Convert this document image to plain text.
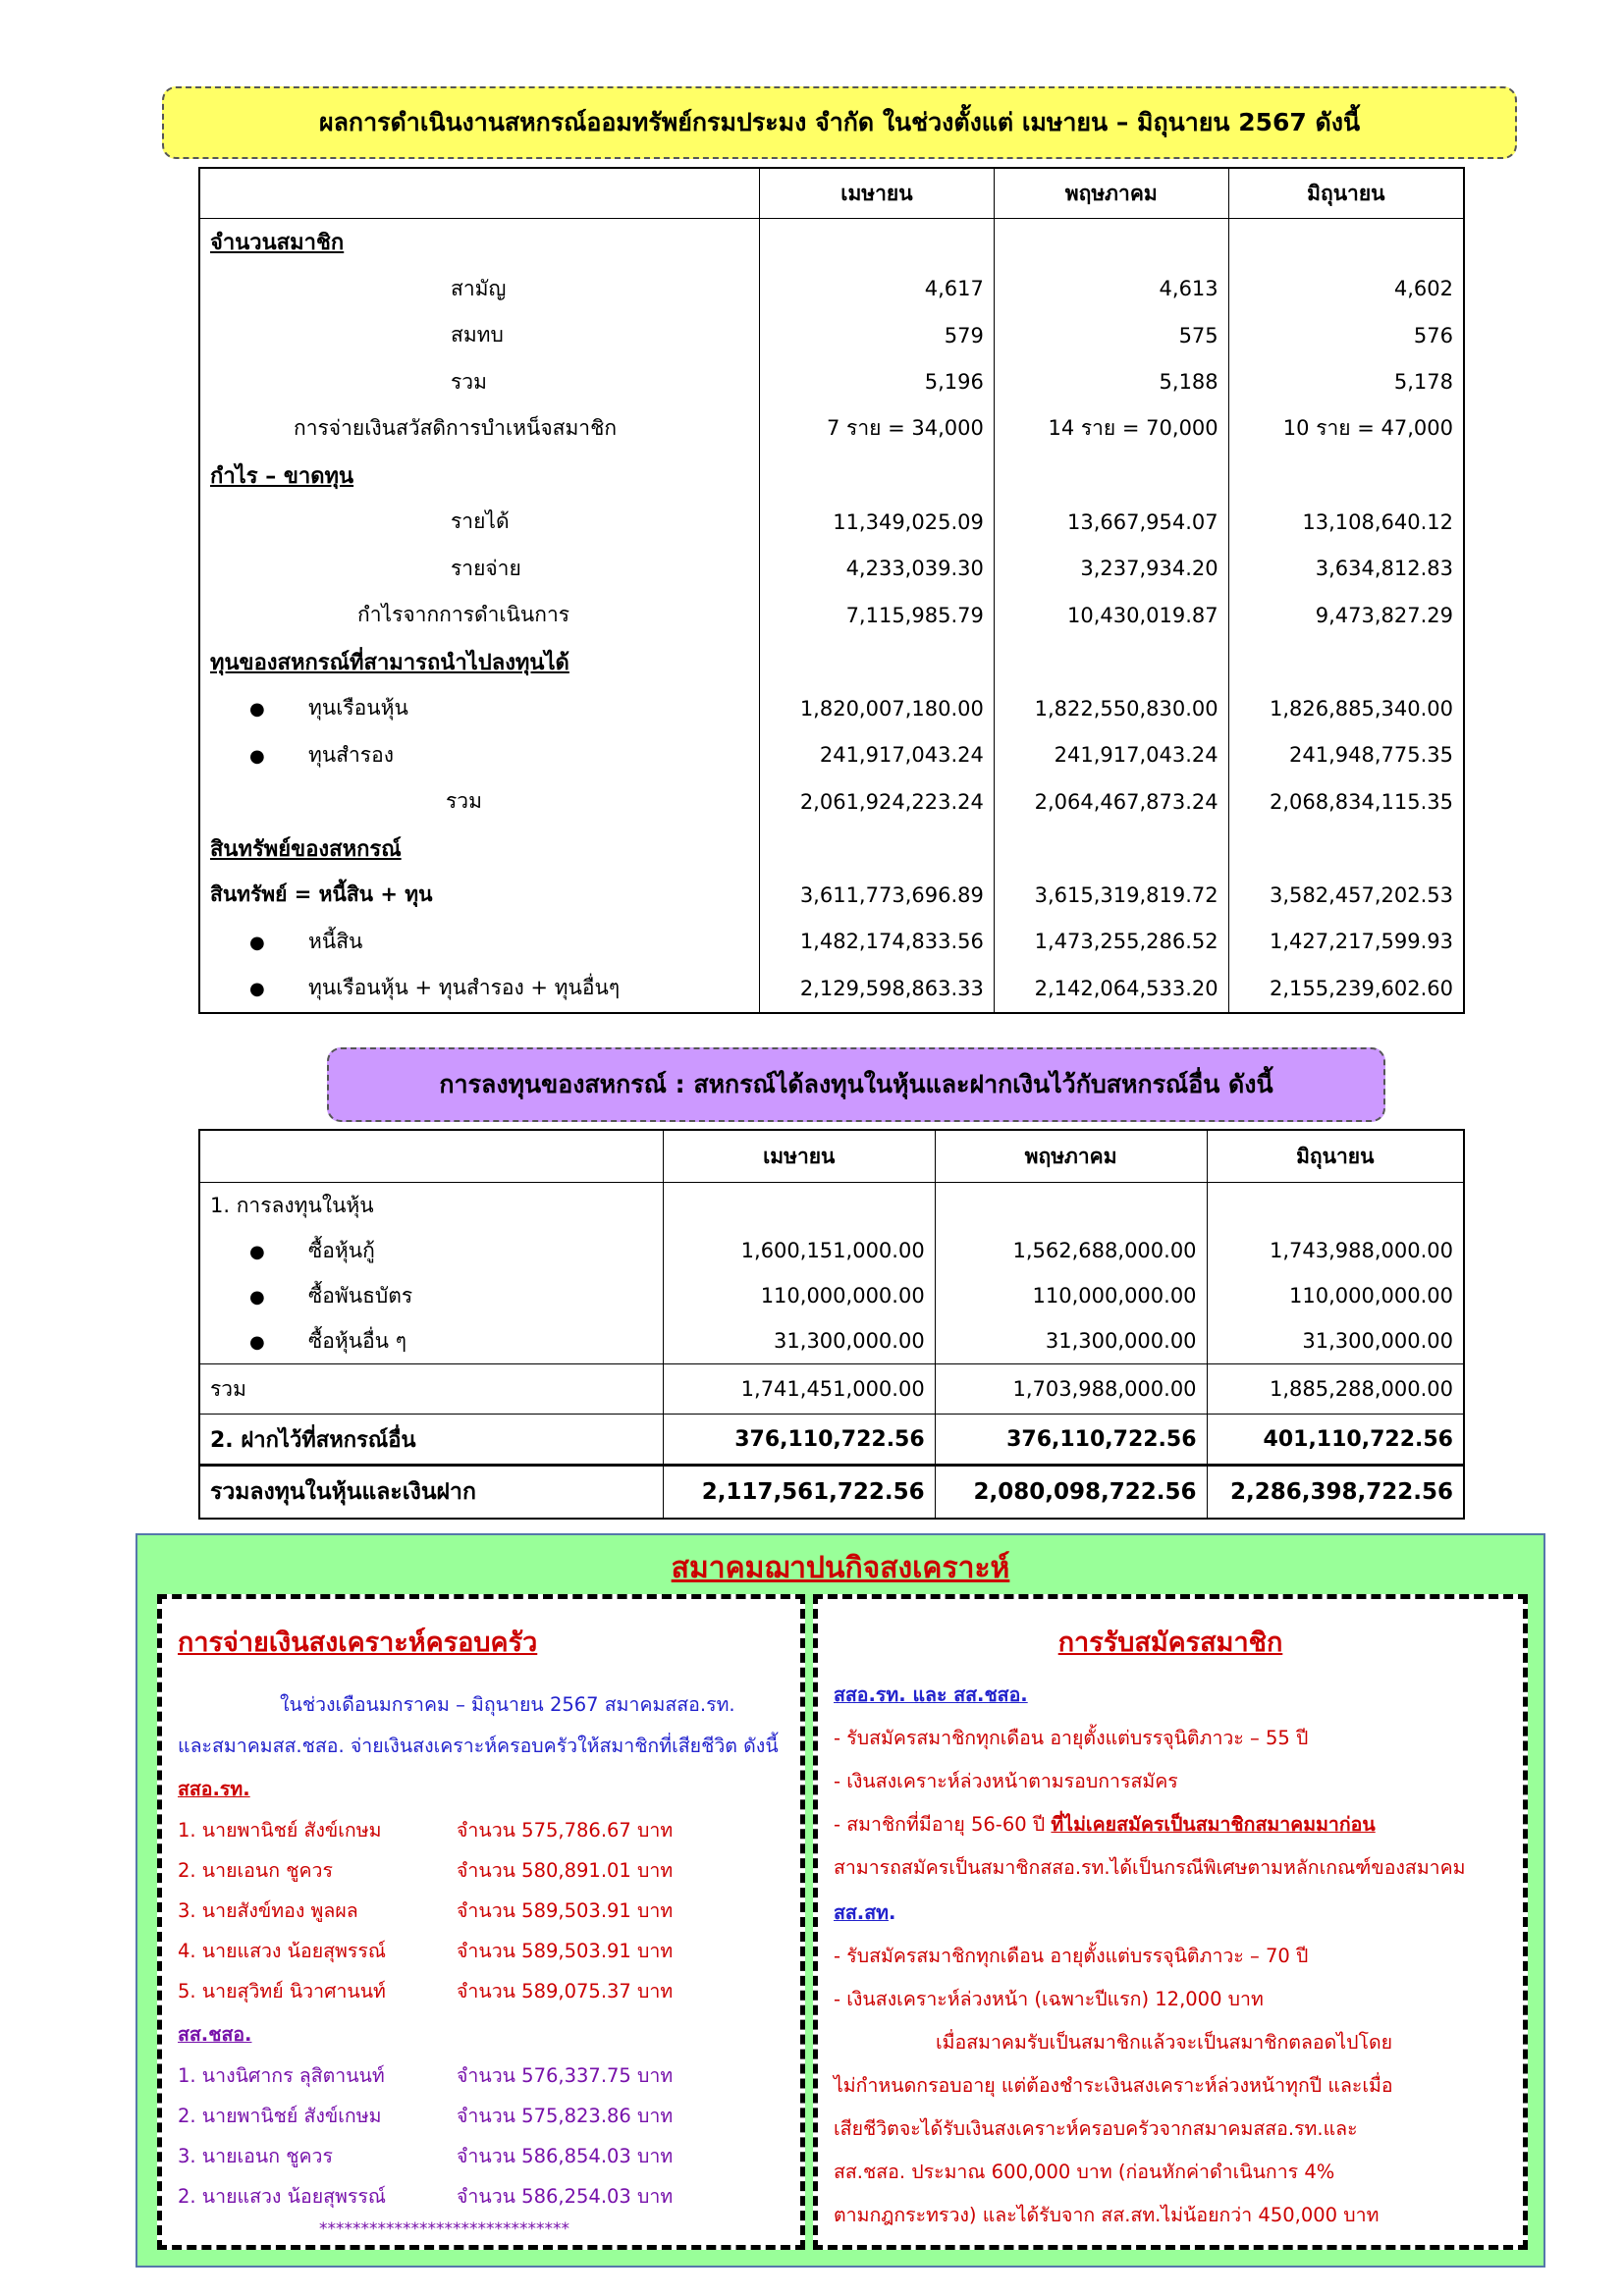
ผลการดำเนินงานสหกรณ์ออมทรัพย์กรมประมง จำกัด ในช่วงตั้งแต่ เมษายน – มิถุนายน 2567 ดังนี้
	เมษายน	พฤษภาคม	มิถุนายน
จำนวนสมาชิก			
สามัญ	4,617	4,613	4,602
สมทบ	579	575	576
รวม	5,196	5,188	5,178
การจ่ายเงินสวัสดิการบำเหน็จสมาชิก	7 ราย = 34,000	14 ราย = 70,000	10 ราย = 47,000
กำไร – ขาดทุน			
รายได้	11,349,025.09	13,667,954.07	13,108,640.12
รายจ่าย	4,233,039.30	3,237,934.20	3,634,812.83
กำไรจากการดำเนินการ	7,115,985.79	10,430,019.87	9,473,827.29
ทุนของสหกรณ์ที่สามารถนำไปลงทุนได้			
● ทุนเรือนหุ้น	1,820,007,180.00	1,822,550,830.00	1,826,885,340.00
● ทุนสำรอง	241,917,043.24	241,917,043.24	241,948,775.35
รวม	2,061,924,223.24	2,064,467,873.24	2,068,834,115.35
สินทรัพย์ของสหกรณ์			
สินทรัพย์ = หนี้สิน + ทุน	3,611,773,696.89	3,615,319,819.72	3,582,457,202.53
● หนี้สิน	1,482,174,833.56	1,473,255,286.52	1,427,217,599.93
● ทุนเรือนหุ้น + ทุนสำรอง + ทุนอื่นๆ	2,129,598,863.33	2,142,064,533.20	2,155,239,602.60
การลงทุนของสหกรณ์ : สหกรณ์ได้ลงทุนในหุ้นและฝากเงินไว้กับสหกรณ์อื่น ดังนี้
	เมษายน	พฤษภาคม	มิถุนายน
1. การลงทุนในหุ้น			
● ซื้อหุ้นกู้	1,600,151,000.00	1,562,688,000.00	1,743,988,000.00
● ซื้อพันธบัตร	110,000,000.00	110,000,000.00	110,000,000.00
● ซื้อหุ้นอื่น ๆ	31,300,000.00	31,300,000.00	31,300,000.00
รวม	1,741,451,000.00	1,703,988,000.00	1,885,288,000.00
2. ฝากไว้ที่สหกรณ์อื่น	376,110,722.56	376,110,722.56	401,110,722.56
รวมลงทุนในหุ้นและเงินฝาก	2,117,561,722.56	2,080,098,722.56	2,286,398,722.56
สมาคมฌาปนกิจสงเคราะห์
การจ่ายเงินสงเคราะห์ครอบครัว
ในช่วงเดือนมกราคม – มิถุนายน 2567 สมาคมสสอ.รท.
และสมาคมสส.ชสอ. จ่ายเงินสงเคราะห์ครอบครัวให้สมาชิกที่เสียชีวิต ดังนี้
สสอ.รท.
1. นายพานิชย์ สังข์เกษม	จำนวน 575,786.67 บาท
2. นายเอนก ชูควร	จำนวน 580,891.01 บาท
3. นายสังข์ทอง พูลผล	จำนวน 589,503.91 บาท
4. นายแสวง น้อยสุพรรณ์	จำนวน 589,503.91 บาท
5. นายสุวิทย์ นิวาศานนท์	จำนวน 589,075.37 บาท
สส.ชสอ.
1. นางนิศากร ลุสิตานนท์	จำนวน 576,337.75 บาท
2. นายพานิชย์ สังข์เกษม	จำนวน 575,823.86 บาท
3. นายเอนก ชูควร	จำนวน 586,854.03 บาท
2. นายแสวง น้อยสุพรรณ์	จำนวน 586,254.03 บาท
******************************
การรับสมัครสมาชิก
สสอ.รท. และ สส.ชสอ.
- รับสมัครสมาชิกทุกเดือน อายุตั้งแต่บรรจุนิติภาวะ – 55 ปี
- เงินสงเคราะห์ล่วงหน้าตามรอบการสมัคร
- สมาชิกที่มีอายุ 56-60 ปี ที่ไม่เคยสมัครเป็นสมาชิกสมาคมมาก่อน
สามารถสมัครเป็นสมาชิกสสอ.รท.ได้เป็นกรณีพิเศษตามหลักเกณฑ์ของสมาคม
สส.สท.
- รับสมัครสมาชิกทุกเดือน อายุตั้งแต่บรรจุนิติภาวะ – 70 ปี
- เงินสงเคราะห์ล่วงหน้า (เฉพาะปีแรก) 12,000 บาท
เมื่อสมาคมรับเป็นสมาชิกแล้วจะเป็นสมาชิกตลอดไปโดย
ไม่กำหนดกรอบอายุ แต่ต้องชำระเงินสงเคราะห์ล่วงหน้าทุกปี และเมื่อ
เสียชีวิตจะได้รับเงินสงเคราะห์ครอบครัวจากสมาคมสสอ.รท.และ
สส.ชสอ. ประมาณ 600,000 บาท (ก่อนหักค่าดำเนินการ 4%
ตามกฎกระทรวง) และได้รับจาก สส.สท.ไม่น้อยกว่า 450,000 บาท
